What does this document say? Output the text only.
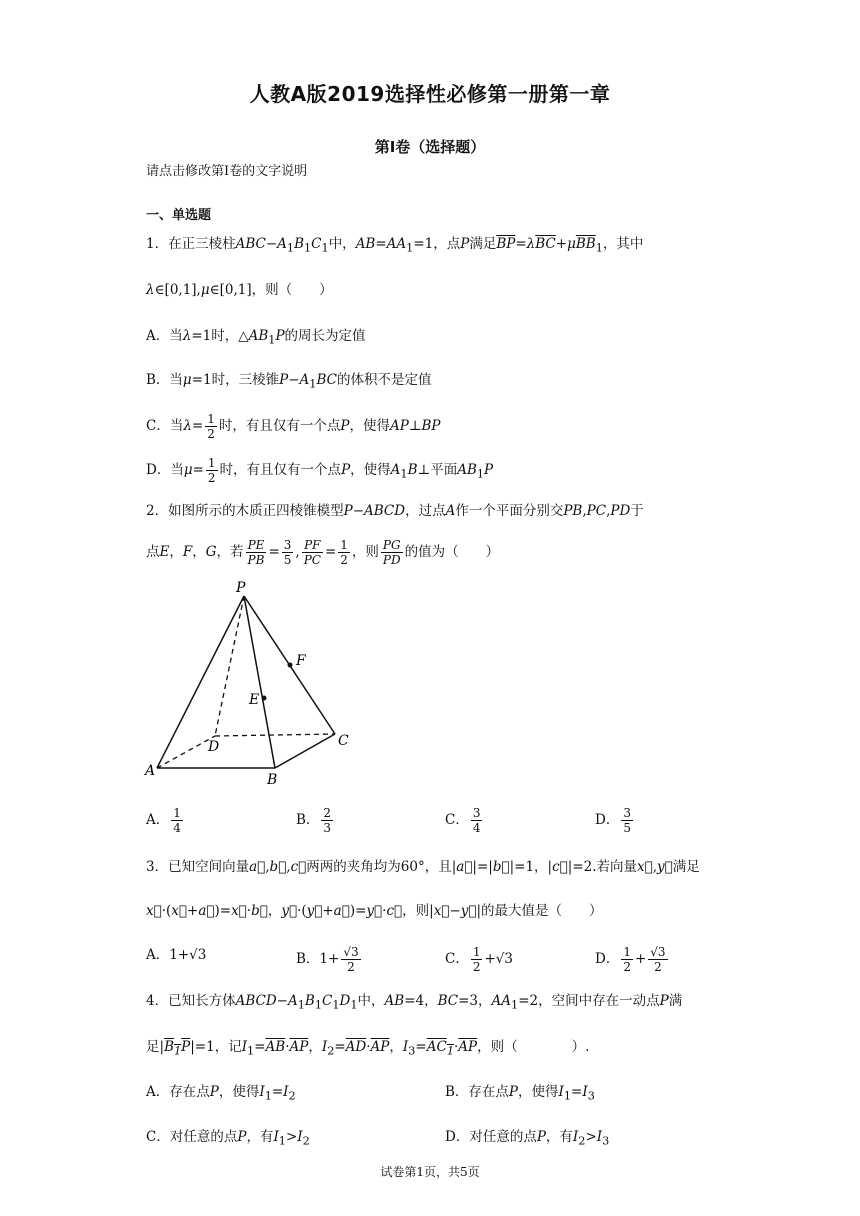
人教A版2019选择性必修第一册第一章
第Ⅰ卷（选择题）
请点击修改第I卷的文字说明
一、单选题
1．在正三棱柱$ABC-A_1B_1C_1$中，$AB=AA_1=1$，点P满足$\overline{BP}=\lambda\overline{BC}+\mu\overline{BB}_1$，其中
λ∈[0,1],μ∈[0,1]，则（　　）
A．当λ=1时，$\triangle AB_1P$的周长为定值
B．当μ=1时，三棱锥$P-A_1BC$的体积不是定值
C．当$\lambda= \frac{1}{2}$ 时，有且仅有一个点P，使得AP⊥BP
D．当$\mu= \frac{1}{2}$ 时，有且仅有一个点P，使得$A_1B\perp$平面$AB_1P$
2．如图所示的木质正四棱锥模型P−ABCD，过点A作一个平面分别交PB,PC,PD于
点E，F，G，若 $\frac{PE}{PB} = \frac{3}{5}$ , $\frac{PF}{PC} = \frac{1}{2}$ ，则 $\frac{PG}{PD}$ 的值为（　　）
P
A
B
C
D
E
F
A． $\frac{1}{4}$	B． $\frac{2}{3}$	C． $\frac{3}{4}$	D． $\frac{3}{5}$
3．已知空间向量a⃗,b⃗,c⃗两两的夹角均为60°，且|a⃗|=|b⃗|=1，|c⃗|=2.若向量x⃗,y⃗满足
x⃗·(x⃗+a⃗)=x⃗·b⃗，y⃗·(y⃗+a⃗)=y⃗·c⃗，则|x⃗−y⃗|的最大值是（　　）
A．1+√3	B．$1+ \frac{√3}{2}$	C． $\frac{1}{2} +√3$	D． $\frac{1}{2} + \frac{√3}{2}$
4．已知长方体$ABCD-A_1B_1C_1D_1$中，AB=4，BC=3，$AA_1=2$，空间中存在一动点P满
足$|B_1P|=1$，记$I_1=\overline{AB}\cdot\overline{AP}$，$I_2=\overline{AD}\cdot\overline{AP}$，$I_3=AC_1\cdot\overline{AP}$，则（　　　　）.
A．存在点P，使得$I_1=I_2$	B．存在点P，使得$I_1=I_3$
C．对任意的点P，有$I_1>I_2$	D．对任意的点P，有$I_2>I_3$
试卷第1页，共5页
